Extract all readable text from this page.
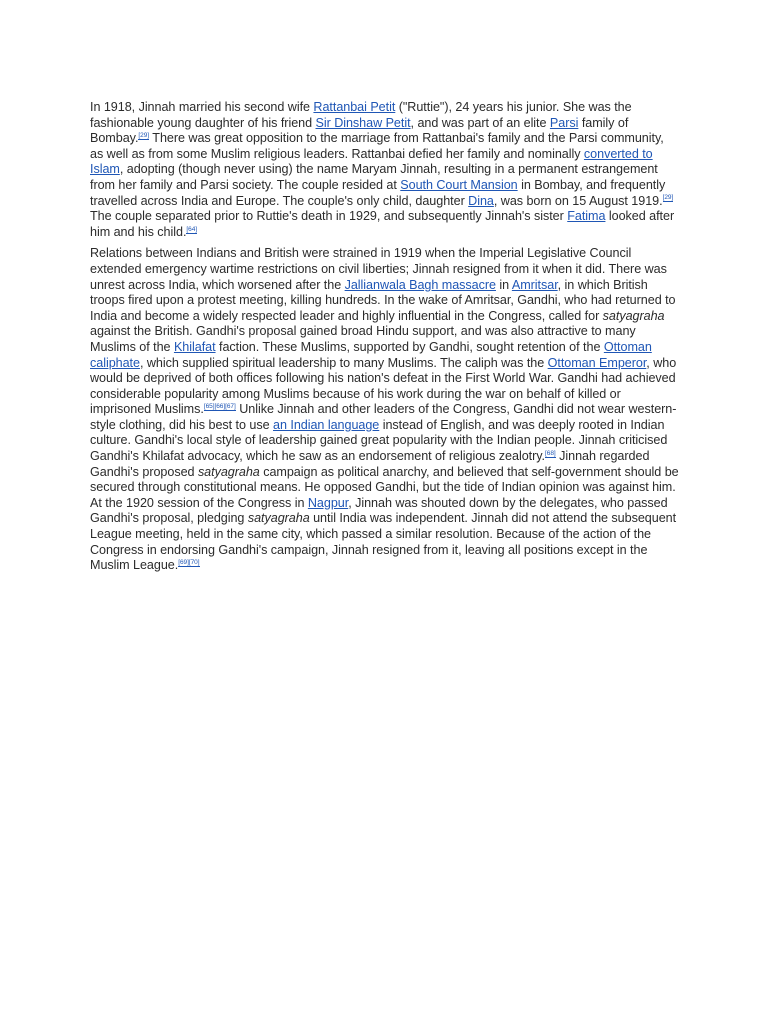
In 1918, Jinnah married his second wife Rattanbai Petit ("Ruttie"), 24 years his junior. She was the fashionable young daughter of his friend Sir Dinshaw Petit, and was part of an elite Parsi family of Bombay.[29] There was great opposition to the marriage from Rattanbai's family and the Parsi community, as well as from some Muslim religious leaders. Rattanbai defied her family and nominally converted to Islam, adopting (though never using) the name Maryam Jinnah, resulting in a permanent estrangement from her family and Parsi society. The couple resided at South Court Mansion in Bombay, and frequently travelled across India and Europe. The couple's only child, daughter Dina, was born on 15 August 1919.[29] The couple separated prior to Ruttie's death in 1929, and subsequently Jinnah's sister Fatima looked after him and his child.[64]

Relations between Indians and British were strained in 1919 when the Imperial Legislative Council extended emergency wartime restrictions on civil liberties; Jinnah resigned from it when it did. There was unrest across India, which worsened after the Jallianwala Bagh massacre in Amritsar, in which British troops fired upon a protest meeting, killing hundreds. In the wake of Amritsar, Gandhi, who had returned to India and become a widely respected leader and highly influential in the Congress, called for satyagraha against the British. Gandhi's proposal gained broad Hindu support, and was also attractive to many Muslims of the Khilafat faction. These Muslims, supported by Gandhi, sought retention of the Ottoman caliphate, which supplied spiritual leadership to many Muslims. The caliph was the Ottoman Emperor, who would be deprived of both offices following his nation's defeat in the First World War. Gandhi had achieved considerable popularity among Muslims because of his work during the war on behalf of killed or imprisoned Muslims.[65][66][67] Unlike Jinnah and other leaders of the Congress, Gandhi did not wear western-style clothing, did his best to use an Indian language instead of English, and was deeply rooted in Indian culture. Gandhi's local style of leadership gained great popularity with the Indian people. Jinnah criticised Gandhi's Khilafat advocacy, which he saw as an endorsement of religious zealotry.[68] Jinnah regarded Gandhi's proposed satyagraha campaign as political anarchy, and believed that self-government should be secured through constitutional means. He opposed Gandhi, but the tide of Indian opinion was against him. At the 1920 session of the Congress in Nagpur, Jinnah was shouted down by the delegates, who passed Gandhi's proposal, pledging satyagraha until India was independent. Jinnah did not attend the subsequent League meeting, held in the same city, which passed a similar resolution. Because of the action of the Congress in endorsing Gandhi's campaign, Jinnah resigned from it, leaving all positions except in the Muslim League.[69][70]
